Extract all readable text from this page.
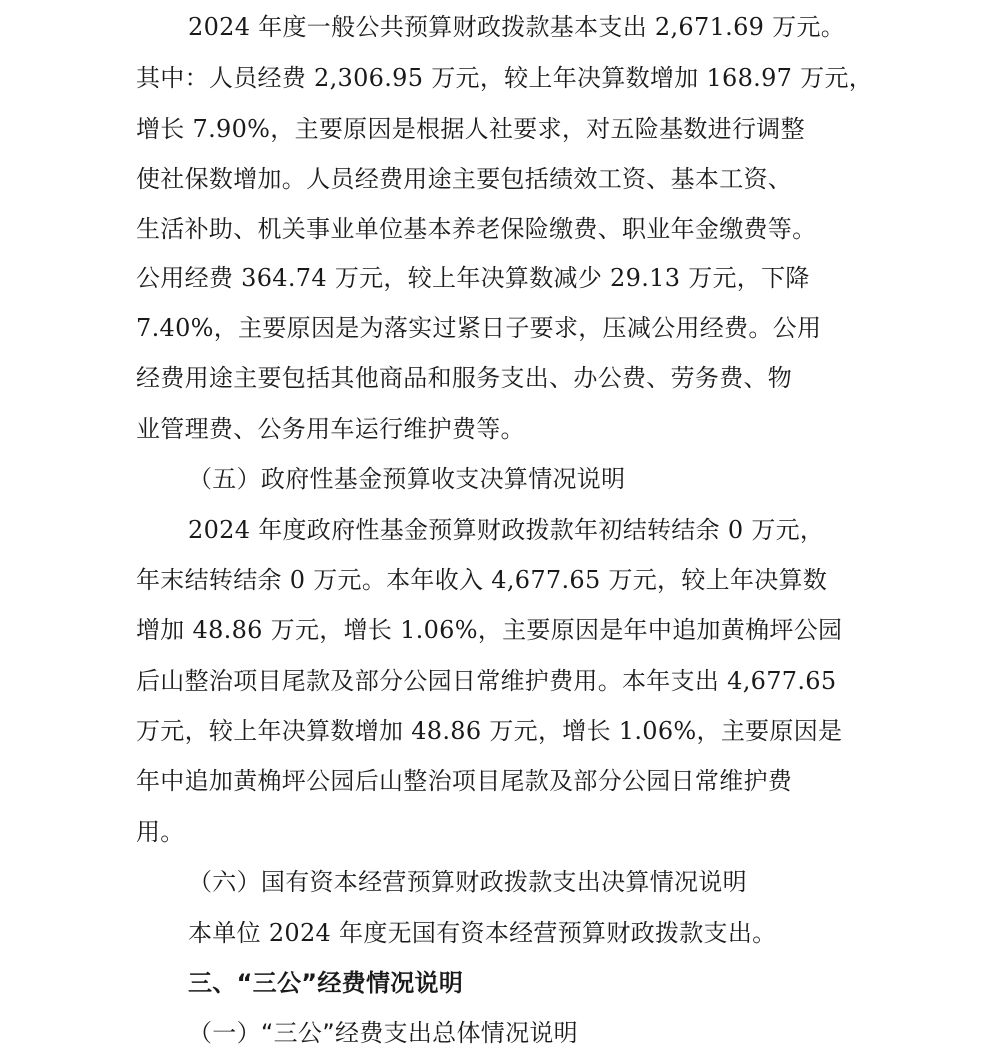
2024 年度一般公共预算财政拨款基本支出 2,671.69 万元。
其中：人员经费 2,306.95 万元，较上年决算数增加 168.97 万元，
增长 7.90%，主要原因是根据人社要求，对五险基数进行调整
使社保数增加。人员经费用途主要包括绩效工资、基本工资、
生活补助、机关事业单位基本养老保险缴费、职业年金缴费等。
公用经费 364.74 万元，较上年决算数减少 29.13 万元，下降
7.40%，主要原因是为落实过紧日子要求，压减公用经费。公用
经费用途主要包括其他商品和服务支出、办公费、劳务费、物
业管理费、公务用车运行维护费等。
（五）政府性基金预算收支决算情况说明
2024 年度政府性基金预算财政拨款年初结转结余 0 万元，
年末结转结余 0 万元。本年收入 4,677.65 万元，较上年决算数
增加 48.86 万元，增长 1.06%，主要原因是年中追加黄桷坪公园
后山整治项目尾款及部分公园日常维护费用。本年支出 4,677.65
万元，较上年决算数增加 48.86 万元，增长 1.06%，主要原因是
年中追加黄桷坪公园后山整治项目尾款及部分公园日常维护费
用。
（六）国有资本经营预算财政拨款支出决算情况说明
本单位 2024 年度无国有资本经营预算财政拨款支出。
三、“三公”经费情况说明
（一）“三公”经费支出总体情况说明
